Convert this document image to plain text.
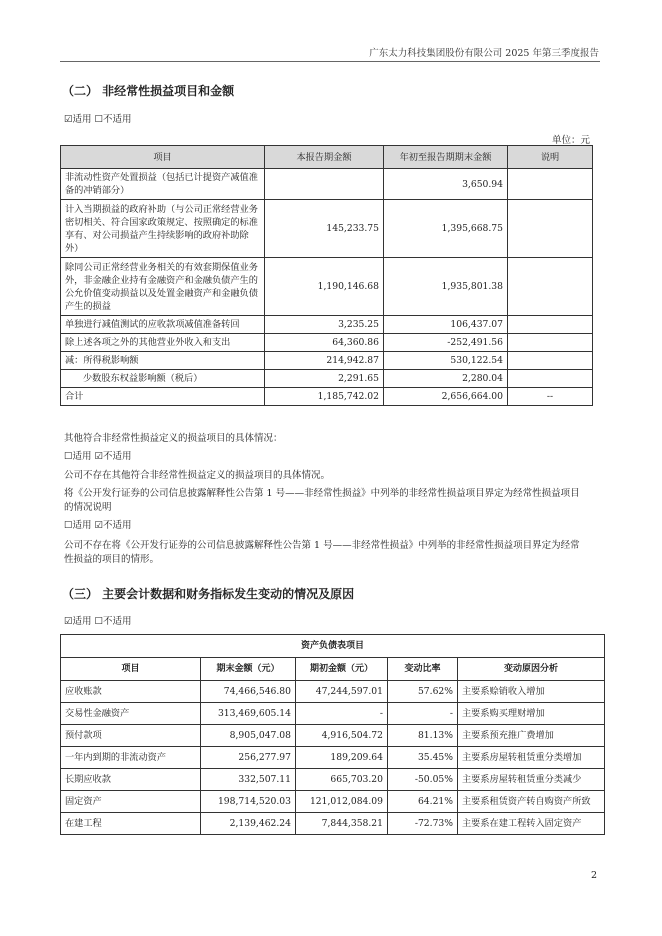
广东太力科技集团股份有限公司 2025 年第三季度报告
（二） 非经常性损益项目和金额
☑适用 ☐不适用
单位：元
项目	本报告期金额	年初至报告期期末金额	说明
非流动性资产处置损益（包括已计提资产减值准备的冲销部分）		3,650.94	
计入当期损益的政府补助（与公司正常经营业务密切相关、符合国家政策规定、按照确定的标准享有、对公司损益产生持续影响的政府补助除外）	145,233.75	1,395,668.75	
除同公司正常经营业务相关的有效套期保值业务外，非金融企业持有金融资产和金融负债产生的公允价值变动损益以及处置金融资产和金融负债产生的损益	1,190,146.68	1,935,801.38	
单独进行减值测试的应收款项减值准备转回	3,235.25	106,437.07	
除上述各项之外的其他营业外收入和支出	64,360.86	-252,491.56	
减：所得税影响额	214,942.87	530,122.54	
少数股东权益影响额（税后）	2,291.65	2,280.04	
合计	1,185,742.02	2,656,664.00	--
其他符合非经常性损益定义的损益项目的具体情况：
☐适用 ☑不适用
公司不存在其他符合非经常性损益定义的损益项目的具体情况。
将《公开发行证券的公司信息披露解释性公告第 1 号——非经常性损益》中列举的非经常性损益项目界定为经常性损益项目的情况说明
☐适用 ☑不适用
公司不存在将《公开发行证券的公司信息披露解释性公告第 1 号——非经常性损益》中列举的非经常性损益项目界定为经常性损益的项目的情形。
（三） 主要会计数据和财务指标发生变动的情况及原因
☑适用 ☐不适用
资产负债表项目				
项目	期末金额（元）	期初金额（元）	变动比率	变动原因分析
应收账款	74,466,546.80	47,244,597.01	57.62%	主要系赊销收入增加
交易性金融资产	313,469,605.14	-	-	主要系购买理财增加
预付款项	8,905,047.08	4,916,504.72	81.13%	主要系预充推广费增加
一年内到期的非流动资产	256,277.97	189,209.64	35.45%	主要系房屋转租赁重分类增加
长期应收款	332,507.11	665,703.20	-50.05%	主要系房屋转租赁重分类减少
固定资产	198,714,520.03	121,012,084.09	64.21%	主要系租赁资产转自购资产所致
在建工程	2,139,462.24	7,844,358.21	-72.73%	主要系在建工程转入固定资产
2
